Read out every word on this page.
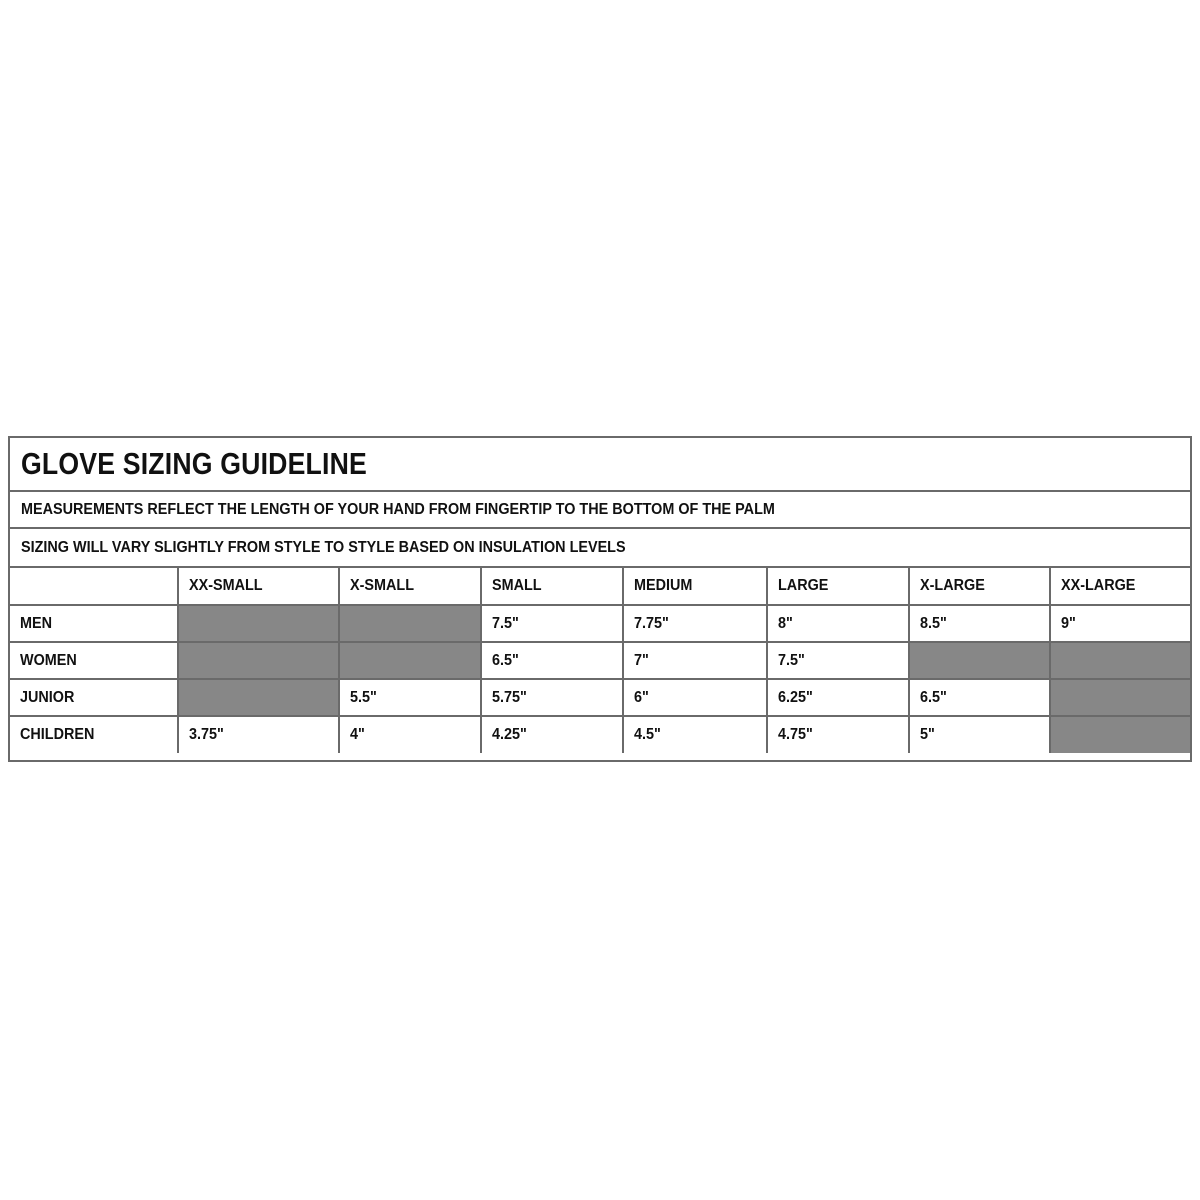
GLOVE SIZING GUIDELINE
MEASUREMENTS REFLECT THE LENGTH OF YOUR HAND FROM FINGERTIP TO THE BOTTOM OF THE PALM
SIZING WILL VARY SLIGHTLY FROM STYLE TO STYLE BASED ON INSULATION LEVELS
	XX-SMALL	X-SMALL	SMALL	MEDIUM	LARGE	X-LARGE	XX-LARGE
MEN			7.5"	7.75"	8"	8.5"	9"
WOMEN			6.5"	7"	7.5"		
JUNIOR		5.5"	5.75"	6"	6.25"	6.5"	
CHILDREN	3.75"	4"	4.25"	4.5"	4.75"	5"	
